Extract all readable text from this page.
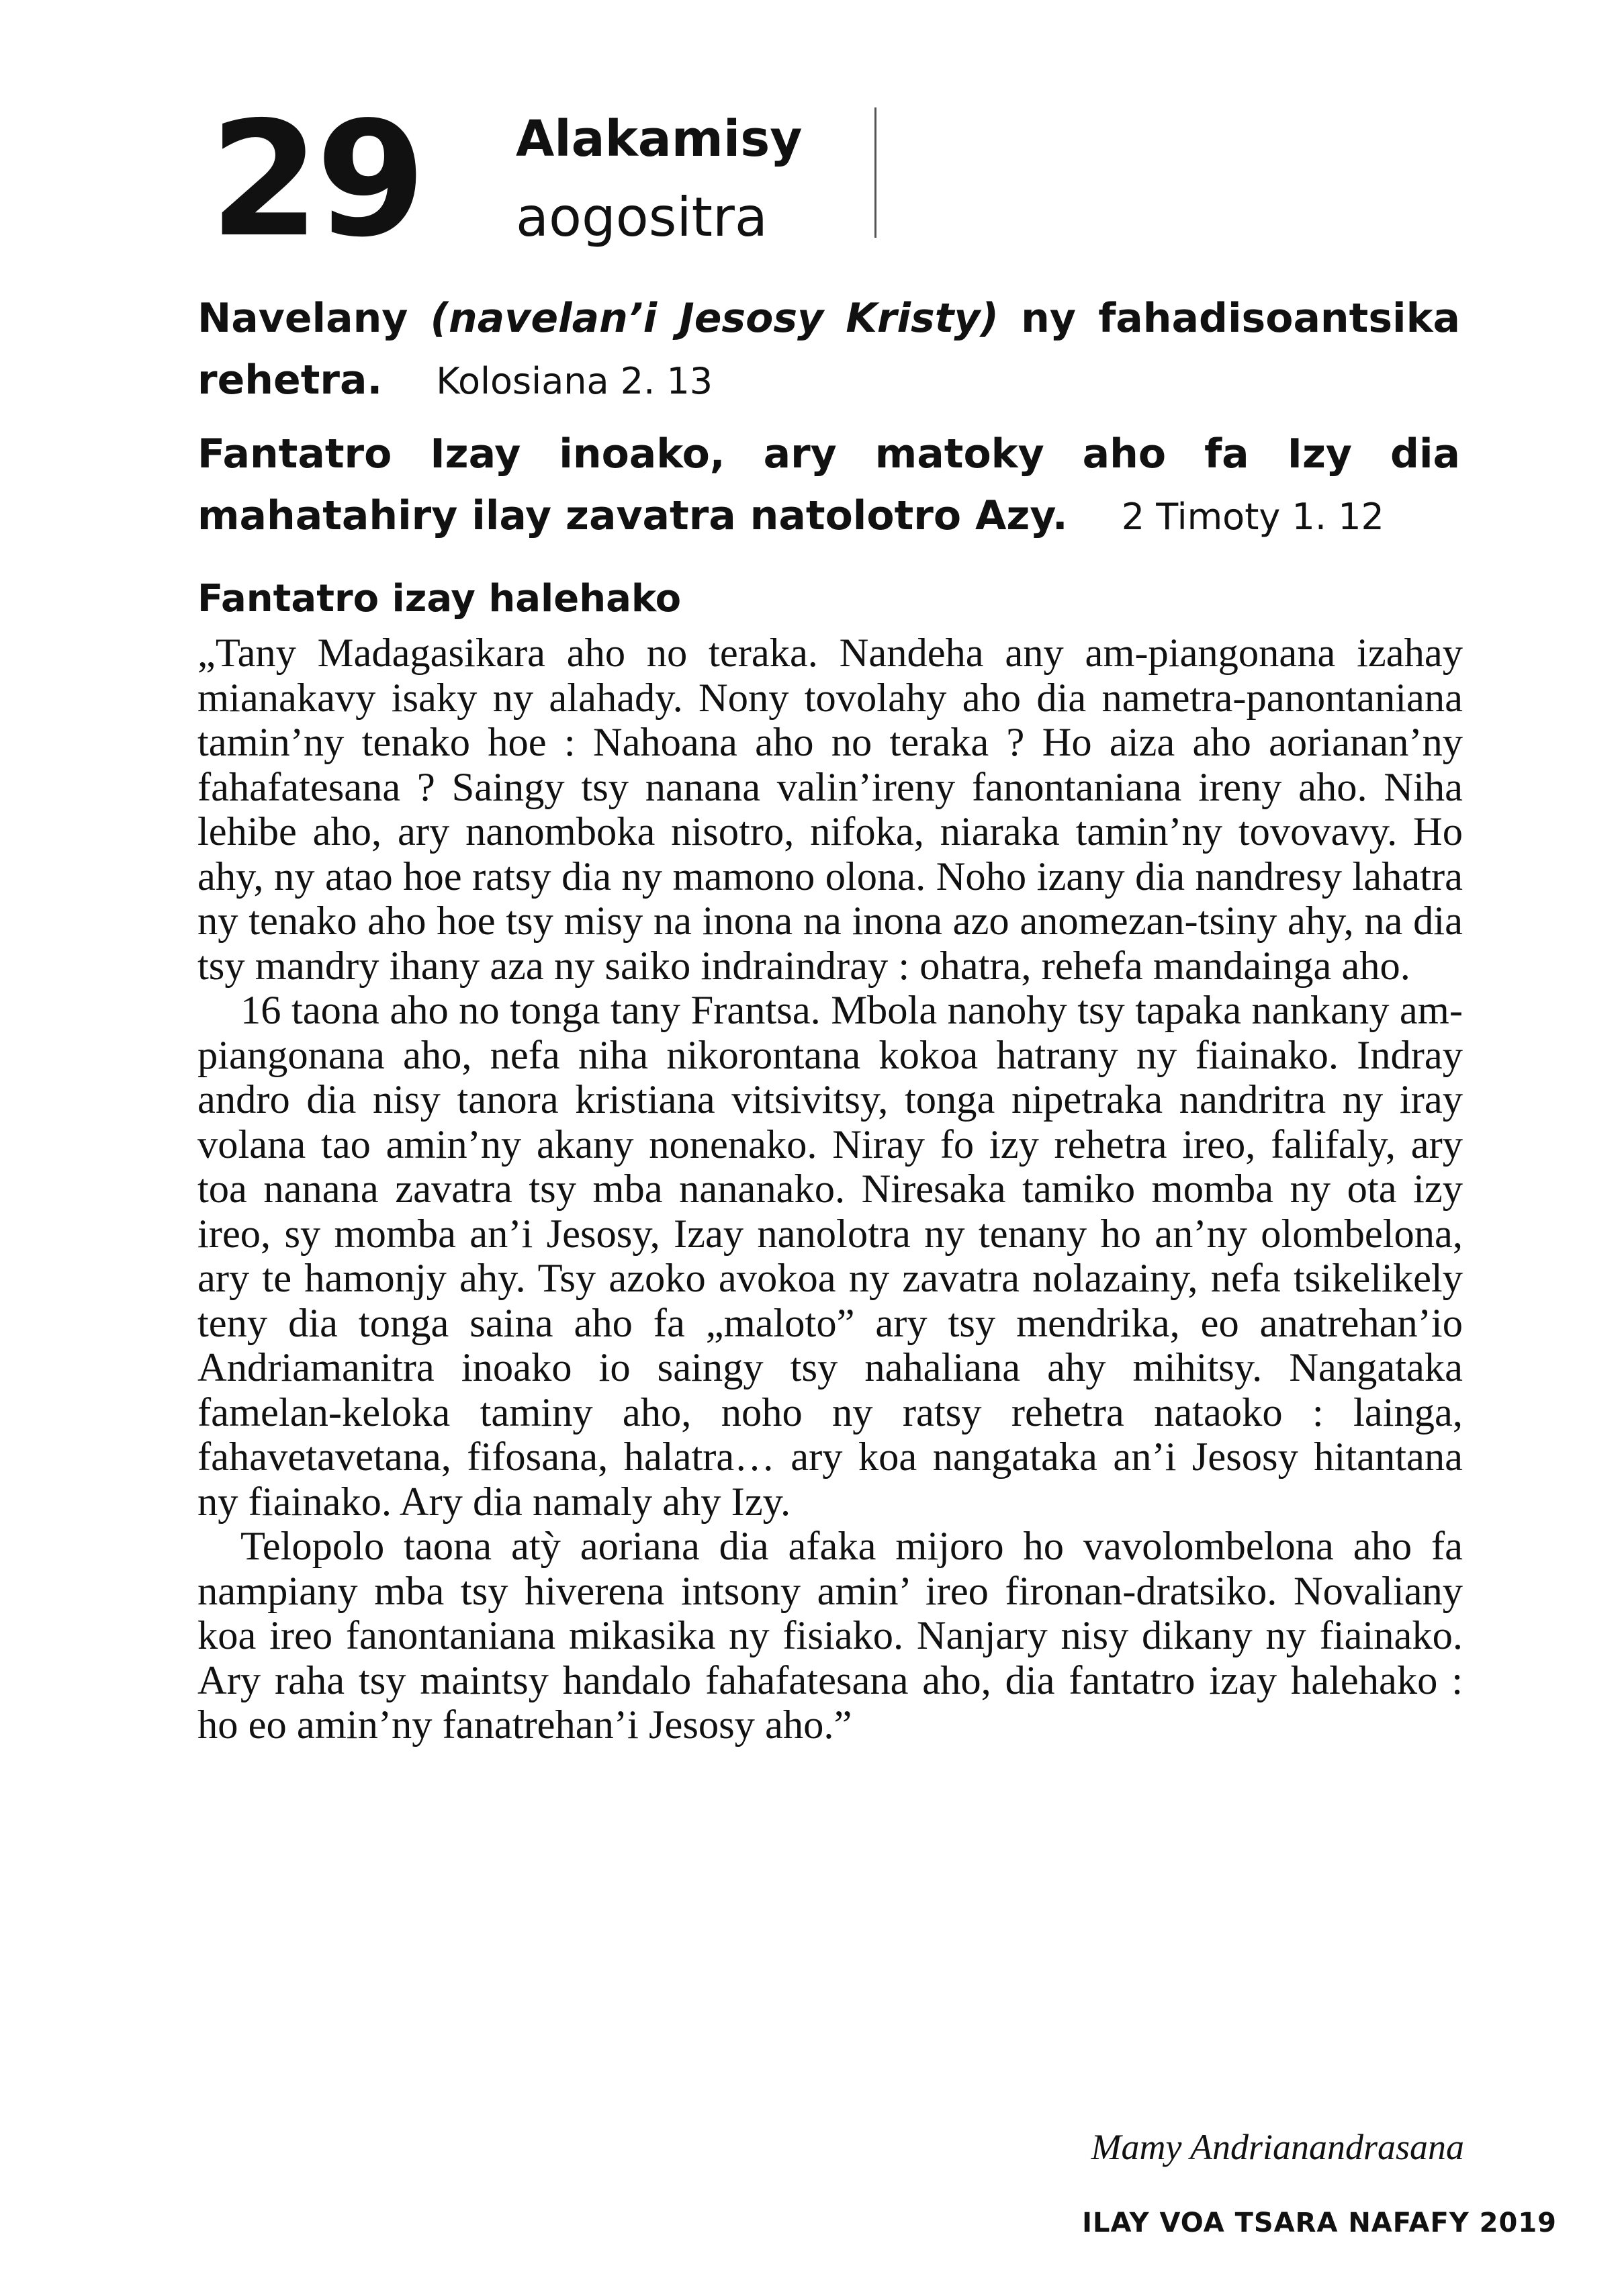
29 Alakamisy
aogositra
Navelany (navelan’i Jesosy Kristy) ny fahadisoantsika rehetra. Kolosiana 2. 13
Fantatro Izay inoako, ary matoky aho fa Izy dia mahatahiry ilay zavatra natolotro Azy. 2 Timoty 1. 12
Fantatro izay halehako

„Tany Madagasikara aho no teraka. Nandeha any am-piangonana izahay mianakavy isaky ny alahady. Nony tovolahy aho dia nametra-panontaniana tamin’ny tenako hoe : Nahoana aho no teraka ? Ho aiza aho aorianan’ny fahafatesana ? Saingy tsy nanana valin’ireny fanontaniana ireny aho. Niha lehibe aho, ary nanomboka nisotro, nifoka, niaraka tamin’ny tovovavy. Ho ahy, ny atao hoe ratsy dia ny mamono olona. Noho izany dia nandresy lahatra ny tenako aho hoe tsy misy na inona na inona azo anomezan-tsiny ahy, na dia tsy mandry ihany aza ny saiko indraindray : ohatra, rehefa mandainga aho.

16 taona aho no tonga tany Frantsa. Mbola nanohy tsy tapaka nankany am-piangonana aho, nefa niha nikorontana kokoa hatrany ny fiainako. Indray andro dia nisy tanora kristiana vitsivitsy, tonga nipetraka nandritra ny iray volana tao amin’ny akany nonenako. Niray fo izy rehetra ireo, falifaly, ary toa nanana zavatra tsy mba nananako. Niresaka tamiko momba ny ota izy ireo, sy momba an’i Jesosy, Izay nanolotra ny tenany ho an’ny olombelona, ary te hamonjy ahy. Tsy azoko avokoa ny zavatra nolazainy, nefa tsikelikely teny dia tonga saina aho fa „maloto” ary tsy mendrika, eo anatrehan’io Andriamanitra inoako io saingy tsy nahaliana ahy mihitsy. Nangataka famelan-keloka taminy aho, noho ny ratsy rehetra nataoko : lainga, fahavetavetana, fifosana, halatra… ary koa nangataka an’i Jesosy hitantana ny fiainako. Ary dia namaly ahy Izy.

Telopolo taona atỳ aoriana dia afaka mijoro ho vavolombelona aho fa nampiany mba tsy hiverena intsony amin’ ireo fironan-dratsiko. Novaliany koa ireo fanontaniana mikasika ny fisiako. Nanjary nisy dikany ny fiainako. Ary raha tsy maintsy handalo fahafatesana aho, dia fantatro izay halehako : ho eo amin’ny fanatrehan’i Jesosy aho.”

Mamy Andrianandrasana
ILAY VOA TSARA NAFAFY 2019
